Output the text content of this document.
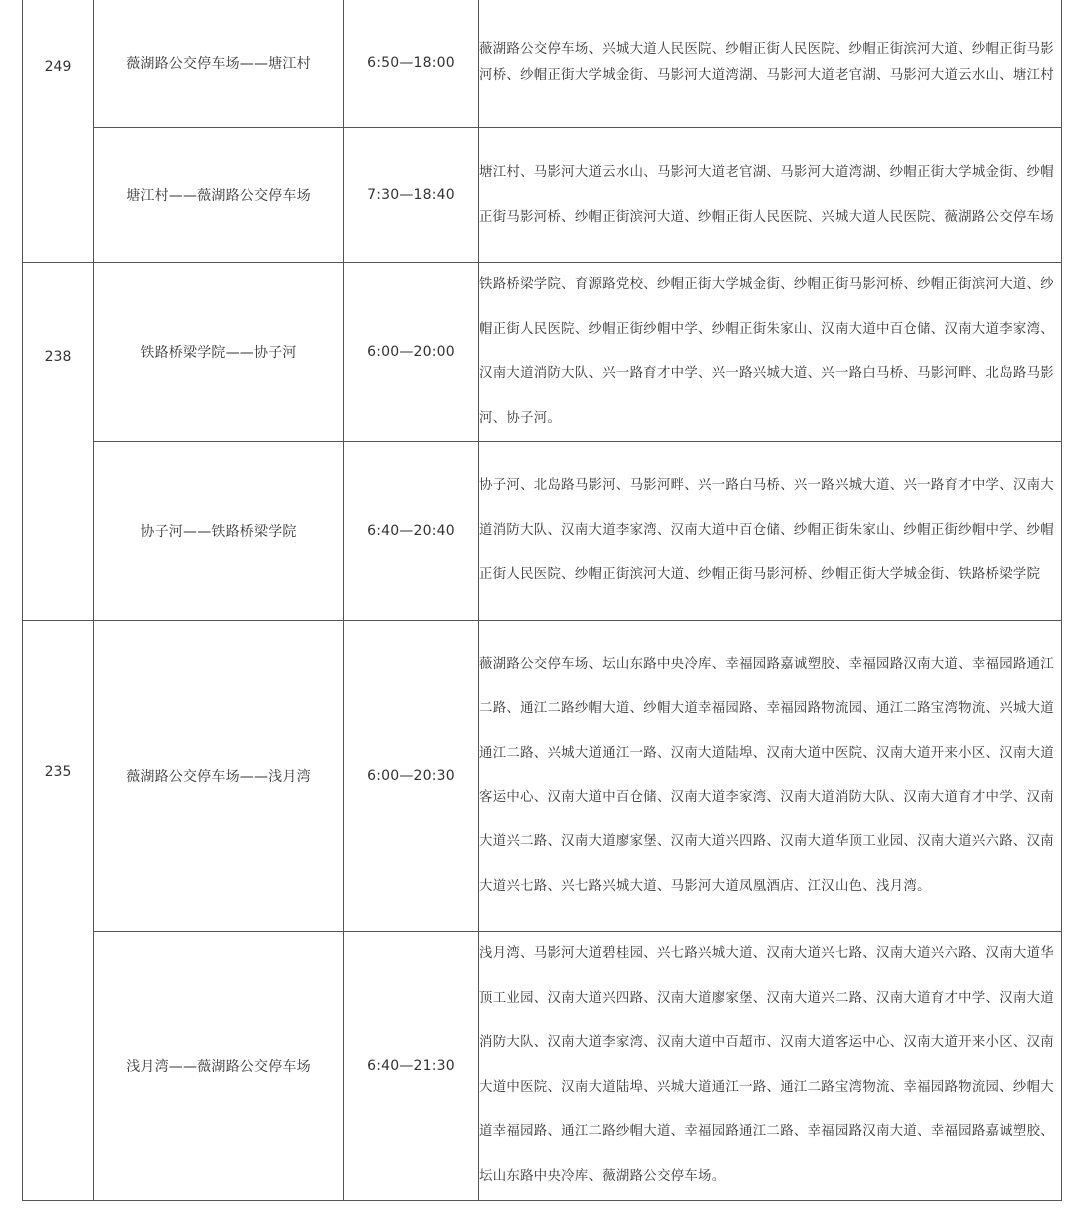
249	薇湖路公交停车场——塘江村	6:50—18:00	薇湖路公交停车场、兴城大道人民医院、纱帽正街人民医院、纱帽正街滨河大道、纱帽正街马影河桥、纱帽正街大学城金街、马影河大道湾湖、马影河大道老官湖、马影河大道云水山、塘江村
	塘江村——薇湖路公交停车场	7:30—18:40	塘江村、马影河大道云水山、马影河大道老官湖、马影河大道湾湖、纱帽正街大学城金街、纱帽正街马影河桥、纱帽正街滨河大道、纱帽正街人民医院、兴城大道人民医院、薇湖路公交停车场

238	铁路桥梁学院——协子河	6:00—20:00	铁路桥梁学院、育源路党校、纱帽正街大学城金街、纱帽正街马影河桥、纱帽正街滨河大道、纱帽正街人民医院、纱帽正街纱帽中学、纱帽正街朱家山、汉南大道中百仓储、汉南大道李家湾、汉南大道消防大队、兴一路育才中学、兴一路兴城大道、兴一路白马桥、马影河畔、北岛路马影河、协子河。
	协子河——铁路桥梁学院	6:40—20:40	协子河、北岛路马影河、马影河畔、兴一路白马桥、兴一路兴城大道、兴一路育才中学、汉南大道消防大队、汉南大道李家湾、汉南大道中百仓储、纱帽正街朱家山、纱帽正街纱帽中学、纱帽正街人民医院、纱帽正街滨河大道、纱帽正街马影河桥、纱帽正街大学城金街、铁路桥梁学院

235	薇湖路公交停车场——浅月湾	6:00—20:30	薇湖路公交停车场、坛山东路中央冷库、幸福园路嘉诚塑胶、幸福园路汉南大道、幸福园路通江二路、通江二路纱帽大道、纱帽大道幸福园路、幸福园路物流园、通江二路宝湾物流、兴城大道通江二路、兴城大道通江一路、汉南大道陆埠、汉南大道中医院、汉南大道开来小区、汉南大道客运中心、汉南大道中百仓储、汉南大道李家湾、汉南大道消防大队、汉南大道育才中学、汉南大道兴二路、汉南大道廖家堡、汉南大道兴四路、汉南大道华顶工业园、汉南大道兴六路、汉南大道兴七路、兴七路兴城大道、马影河大道凤凰酒店、江汉山色、浅月湾。
	浅月湾——薇湖路公交停车场	6:40—21:30	浅月湾、马影河大道碧桂园、兴七路兴城大道、汉南大道兴七路、汉南大道兴六路、汉南大道华顶工业园、汉南大道兴四路、汉南大道廖家堡、汉南大道兴二路、汉南大道育才中学、汉南大道消防大队、汉南大道李家湾、汉南大道中百超市、汉南大道客运中心、汉南大道开来小区、汉南大道中医院、汉南大道陆埠、兴城大道通江一路、通江二路宝湾物流、幸福园路物流园、纱帽大道幸福园路、通江二路纱帽大道、幸福园路通江二路、幸福园路汉南大道、幸福园路嘉诚塑胶、坛山东路中央冷库、薇湖路公交停车场。
